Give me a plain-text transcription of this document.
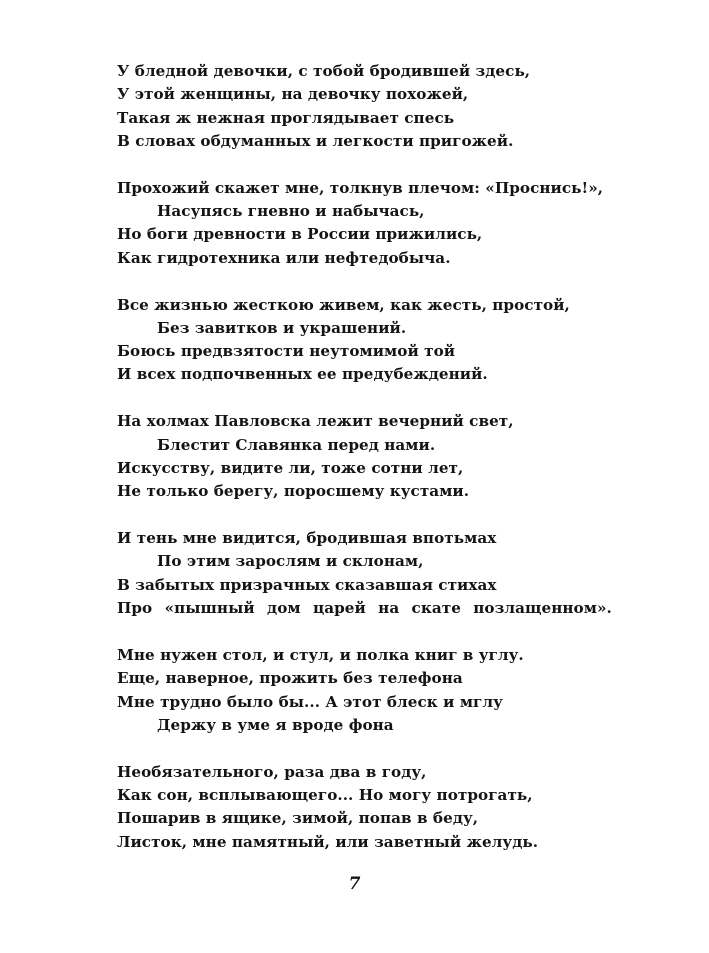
У бледной девочки, с тобой бродившей здесь,
У этой женщины, на девочку похожей,
Такая ж нежная проглядывает спесь
В словах обдуманных и легкости пригожей.
Прохожий скажет мне, толкнув плечом: «Проснись!»,
Насупясь гневно и набычась,
Но боги древности в России прижились,
Как гидротехника или нефтедобыча.
Все жизнью жесткою живем, как жесть, простой,
Без завитков и украшений.
Боюсь предвзятости неутомимой той
И всех подпочвенных ее предубеждений.
На холмах Павловска лежит вечерний свет,
Блестит Славянка перед нами.
Искусству, видите ли, тоже сотни лет,
Не только берегу, поросшему кустами.
И тень мне видится, бродившая впотьмах
По этим зарослям и склонам,
В забытых призрачных сказавшая стихах
Про «пышный дом царей на скате позлащенном».
Мне нужен стол, и стул, и полка книг в углу.
Еще, наверное, прожить без телефона
Мне трудно было бы... А этот блеск и мглу
Держу в уме я вроде фона
Необязательного, раза два в году,
Как сон, всплывающего... Но могу потрогать,
Пошарив в ящике, зимой, попав в беду,
Листок, мне памятный, или заветный желудь.
7
